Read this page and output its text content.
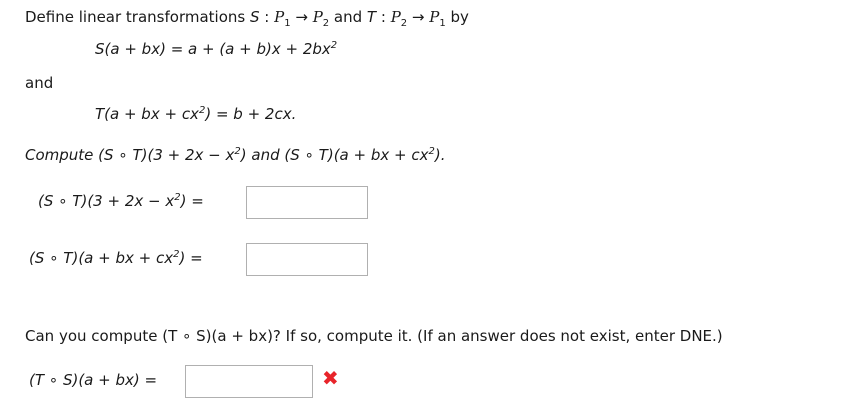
Define linear transformations S : $P_1 \to P_2$ and T : $P_2 \to P_1$ by
$S(a + bx) = a + (a + b)x + 2bx^2$
and
T(a + bx + $cx^2) = b + 2cx$.
Compute (S ∘ $T)(3 + 2x - x^2)$ and (S ∘ T)(a + bx + $cx^2$).
(S ∘ $T)(3 + 2x - x^2)$ =
(S ∘ T)(a + bx + $cx^2$) =
Can you compute (T ∘ S)(a + bx)? If so, compute it. (If an answer does not exist, enter DNE.)
(T ∘ S)(a + bx) =	✖
